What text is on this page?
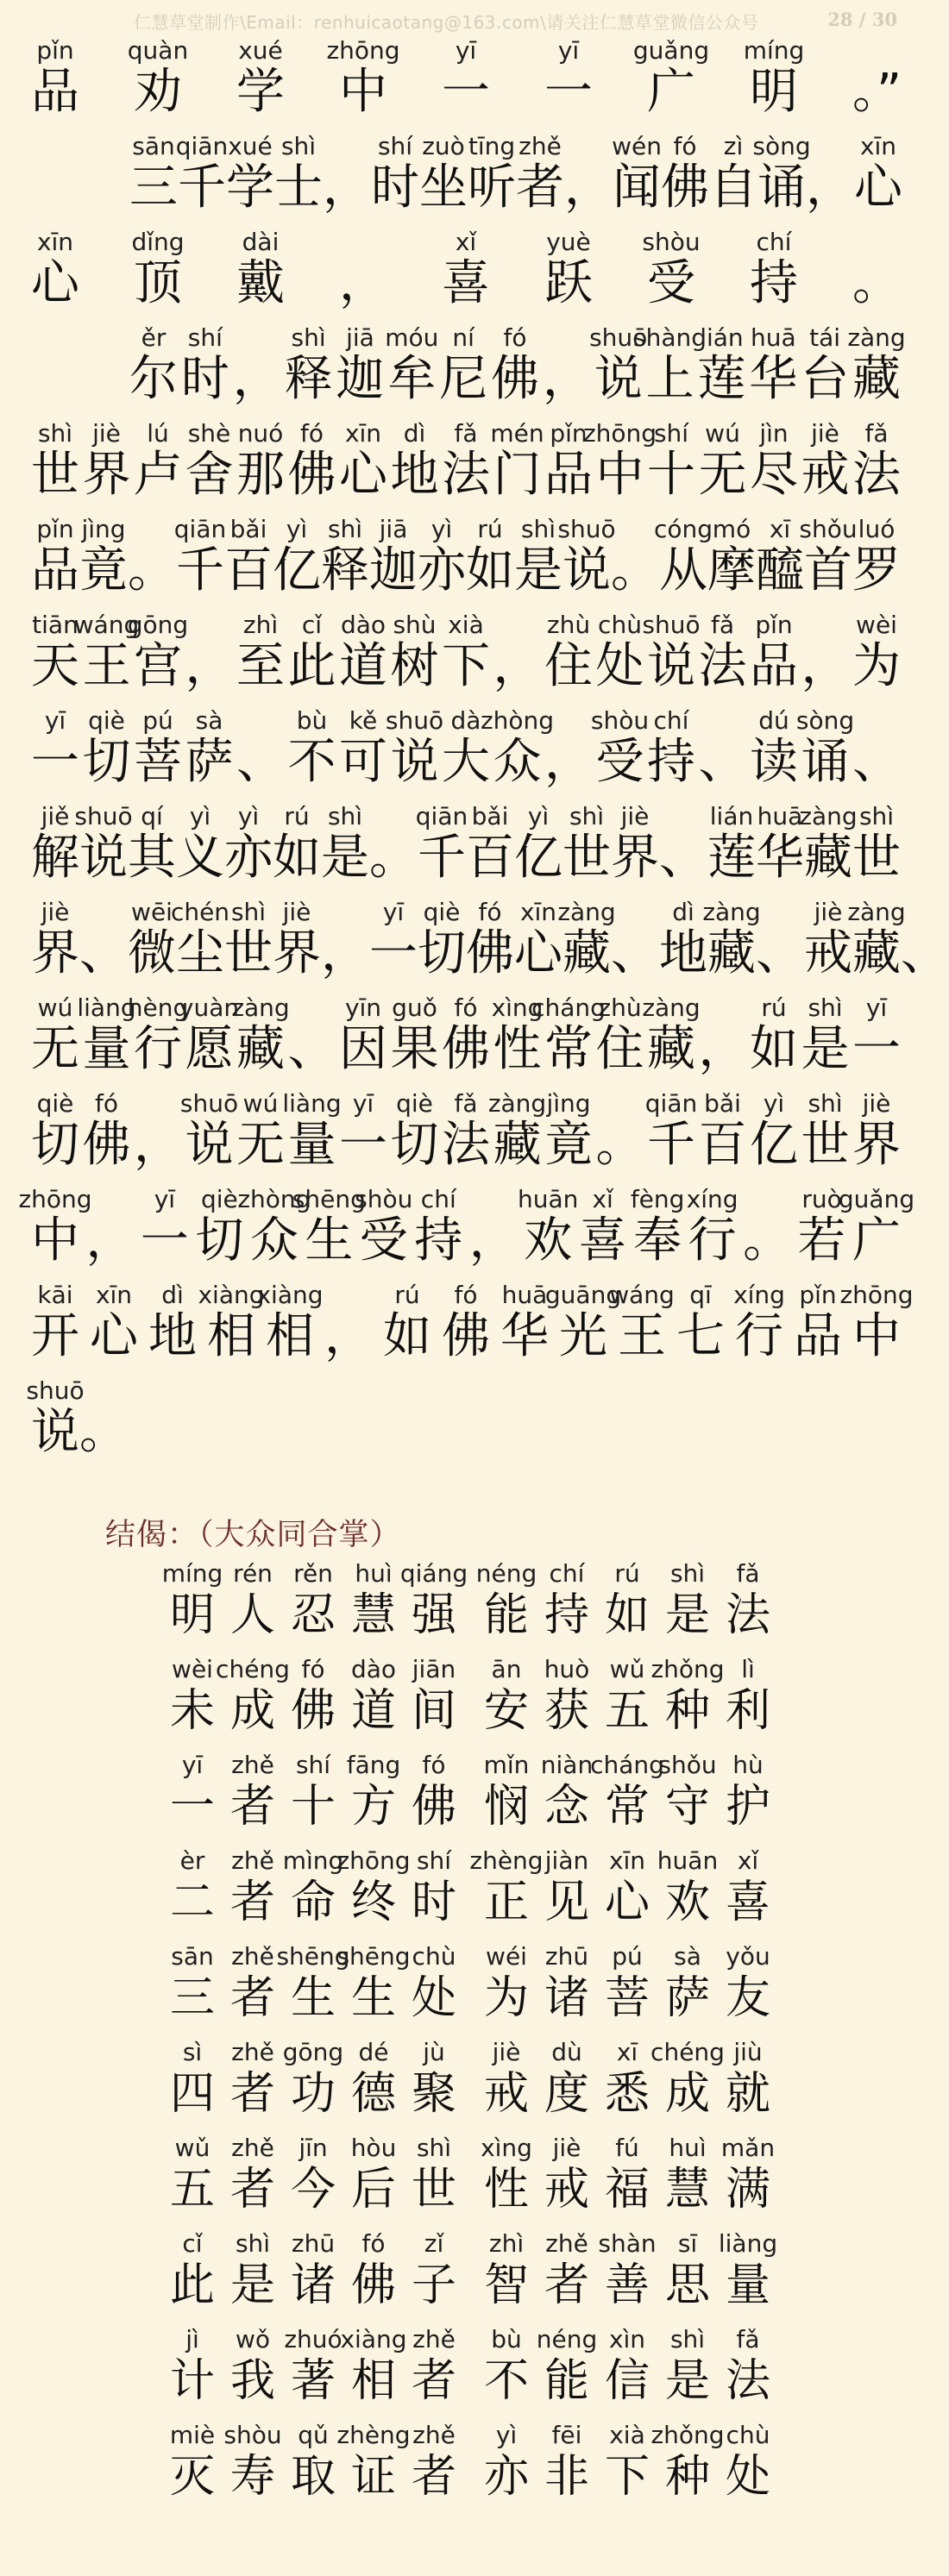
仁慧草堂制作\Email：renhuicaotang@163.com\请关注仁慧草堂微信公众号	28 / 30
pǐn
品
quàn
劝
xué
学
zhōng
中
yī
一
yī
一
guǎng
广
míng
明 。”
sān
三
qiān
千
xué
学
shì
士 ，
shí
时
zuò
坐
tīng
听
zhě
者 ，
wén
闻
fó
佛
zì
自
sòng
诵 ，
xīn
心
xīn
心
dǐng
顶
dài
戴 ，
xǐ
喜
yuè
跃
shòu
受
chí
持 。
ěr
尔
shí
时 ，
shì
释
jiā
迦
móu
牟
ní
尼
fó
佛 ，
shuō
说
shàng
上
lián
莲
huā
华
tái
台
zàng
藏
shì
世
jiè
界
lú
卢
shè
舍
nuó
那
fó
佛
xīn
心
dì
地
fǎ
法
mén
门
pǐn
品
zhōng
中
shí
十
wú
无
jìn
尽
jiè
戒
fǎ
法
pǐn
品
jìng
竟 。
qiān
千
bǎi
百
yì
亿
shì
释
jiā
迦
yì
亦
rú
如
shì
是
shuō
说 。
cóng
从
mó
摩
xī
醯
shǒu
首
luó
罗
tiān
天
wáng
王
gōng
宫 ，
zhì
至
cǐ
此
dào
道
shù
树
xià
下 ，
zhù
住
chù
处
shuō
说
fǎ
法
pǐn
品 ，
wèi
为
yī
一
qiè
切
pú
菩
sà
萨 、
bù
不
kě
可
shuō
说
dà
大
zhòng
众 ，
shòu
受
chí
持 、
dú
读
sòng
诵 、
jiě
解
shuō
说
qí
其
yì
义
yì
亦
rú
如
shì
是 。
qiān
千
bǎi
百
yì
亿
shì
世
jiè
界 、
lián
莲
huā
华
zàng
藏
shì
世
jiè
界 、
wēi
微
chén
尘
shì
世
jiè
界 ，
yī
一
qiè
切
fó
佛
xīn
心
zàng
藏 、
dì
地
zàng
藏 、
jiè
戒
zàng
藏 、
wú
无
liàng
量
hèng
行
yuàn
愿
zàng
藏 、
yīn
因
guǒ
果
fó
佛
xìng
性
cháng
常
zhù
住
zàng
藏 ，
rú
如
shì
是
yī
一
qiè
切
fó
佛 ，
shuō
说
wú
无
liàng
量
yī
一
qiè
切
fǎ
法
zàng
藏
jìng
竟 。
qiān
千
bǎi
百
yì
亿
shì
世
jiè
界
zhōng
中 ，
yī
一
qiè
切
zhòng
众
shēng
生
shòu
受
chí
持 ，
huān
欢
xǐ
喜
fèng
奉
xíng
行 。
ruò
若
guǎng
广
kāi
开
xīn
心
dì
地
xiàng
相
xiàng
相 ，
rú
如
fó
佛
huā
华
guāng
光
wáng
王
qī
七
xíng
行
pǐn
品
zhōng
中
shuō
说 。
结偈：（大众同合掌）
míng
明
rén
人
rěn
忍
huì
慧
qiáng
强
néng
能
chí
持
rú
如
shì
是
fǎ
法
wèi
未
chéng
成
fó
佛
dào
道
jiān
间
ān
安
huò
获
wǔ
五
zhǒng
种
lì
利
yī
一
zhě
者
shí
十
fāng
方
fó
佛
mǐn
悯
niàn
念
cháng
常
shǒu
守
hù
护
èr
二
zhě
者
mìng
命
zhōng
终
shí
时
zhèng
正
jiàn
见
xīn
心
huān
欢
xǐ
喜
sān
三
zhě
者
shēng
生
shēng
生
chù
处
wéi
为
zhū
诸
pú
菩
sà
萨
yǒu
友
sì
四
zhě
者
gōng
功
dé
德
jù
聚
jiè
戒
dù
度
xī
悉
chéng
成
jiù
就
wǔ
五
zhě
者
jīn
今
hòu
后
shì
世
xìng
性
jiè
戒
fú
福
huì
慧
mǎn
满
cǐ
此
shì
是
zhū
诸
fó
佛
zǐ
子
zhì
智
zhě
者
shàn
善
sī
思
liàng
量
jì
计
wǒ
我
zhuó
著
xiàng
相
zhě
者
bù
不
néng
能
xìn
信
shì
是
fǎ
法
miè
灭
shòu
寿
qǔ
取
zhèng
证
zhě
者
yì
亦
fēi
非
xià
下
zhǒng
种
chù
处
